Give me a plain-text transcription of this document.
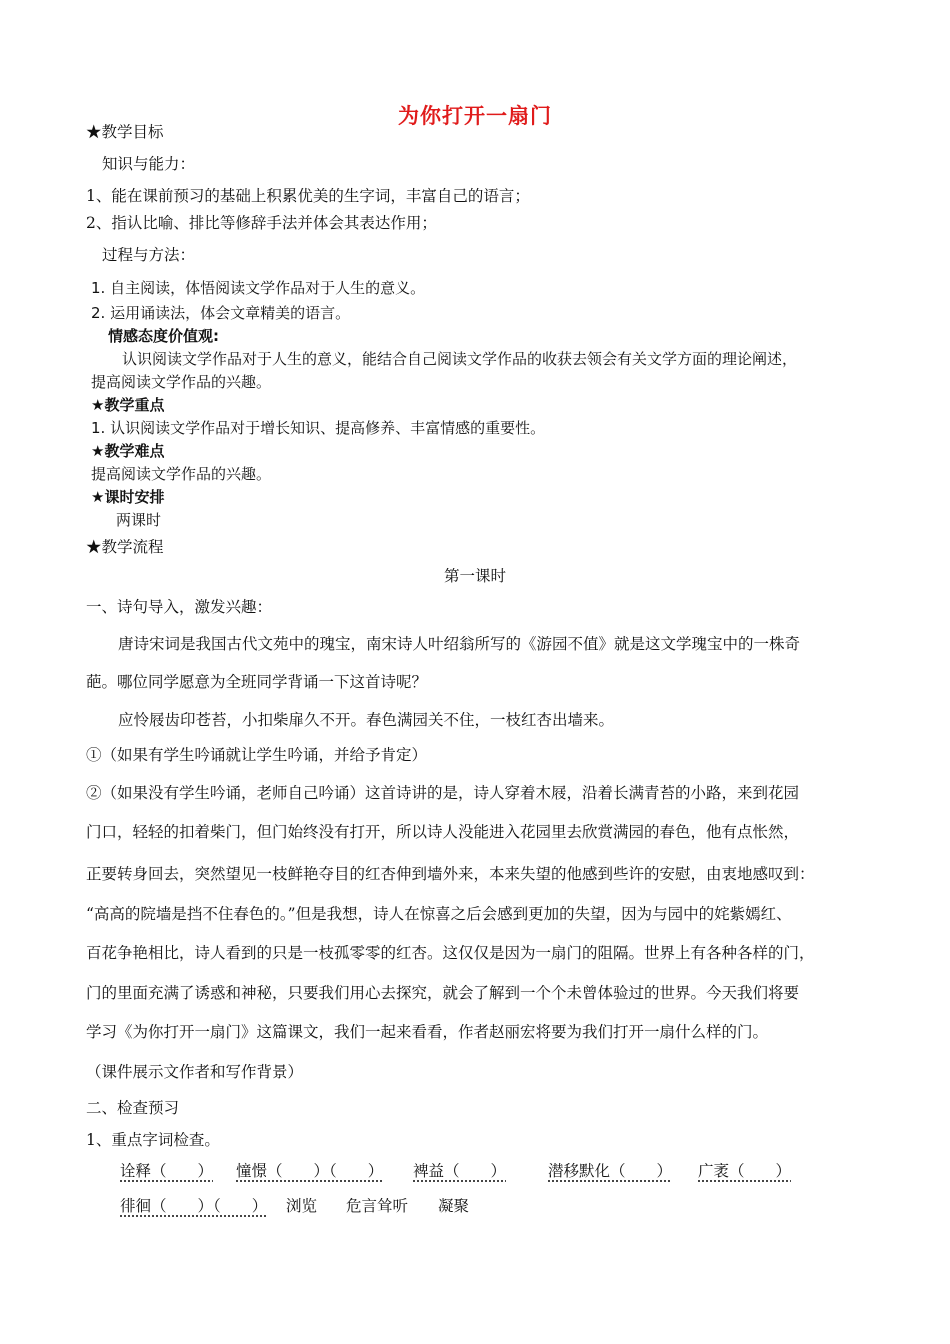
为你打开一扇门
★教学目标
知识与能力：
1、能在课前预习的基础上积累优美的生字词，丰富自己的语言；
2、指认比喻、排比等修辞手法并体会其表达作用；
过程与方法：
1. 自主阅读，体悟阅读文学作品对于人生的意义。
2. 运用诵读法，体会文章精美的语言。
情感态度价值观:
认识阅读文学作品对于人生的意义，能结合自己阅读文学作品的收获去领会有关文学方面的理论阐述，
提高阅读文学作品的兴趣。
★教学重点
1. 认识阅读文学作品对于增长知识、提高修养、丰富情感的重要性。
★教学难点
提高阅读文学作品的兴趣。
★课时安排
两课时
★教学流程
第一课时
一、诗句导入，激发兴趣：
唐诗宋词是我国古代文苑中的瑰宝，南宋诗人叶绍翁所写的《游园不值》就是这文学瑰宝中的一株奇
葩。哪位同学愿意为全班同学背诵一下这首诗呢？
应怜屐齿印苍苔，小扣柴扉久不开。春色满园关不住，一枝红杏出墙来。
①（如果有学生吟诵就让学生吟诵，并给予肯定）
②（如果没有学生吟诵，老师自己吟诵）这首诗讲的是，诗人穿着木屐，沿着长满青苔的小路，来到花园
门口，轻轻的扣着柴门，但门始终没有打开，所以诗人没能进入花园里去欣赏满园的春色，他有点怅然，
正要转身回去，突然望见一枝鲜艳夺目的红杏伸到墙外来，本来失望的他感到些许的安慰，由衷地感叹到：
“高高的院墙是挡不住春色的。”但是我想，诗人在惊喜之后会感到更加的失望，因为与园中的姹紫嫣红、
百花争艳相比，诗人看到的只是一枝孤零零的红杏。这仅仅是因为一扇门的阻隔。世界上有各种各样的门，
门的里面充满了诱惑和神秘，只要我们用心去探究，就会了解到一个个未曾体验过的世界。今天我们将要
学习《为你打开一扇门》这篇课文，我们一起来看看，作者赵丽宏将要为我们打开一扇什么样的门。
（课件展示文作者和写作背景）
二、检查预习
1、重点字词检查。
诠释（　　） 憧憬（　　）（　　） 裨益（　　）	潜移默化（　　） 广袤（　　）
徘徊（　　）（　　） 浏览 危言耸听 凝聚
